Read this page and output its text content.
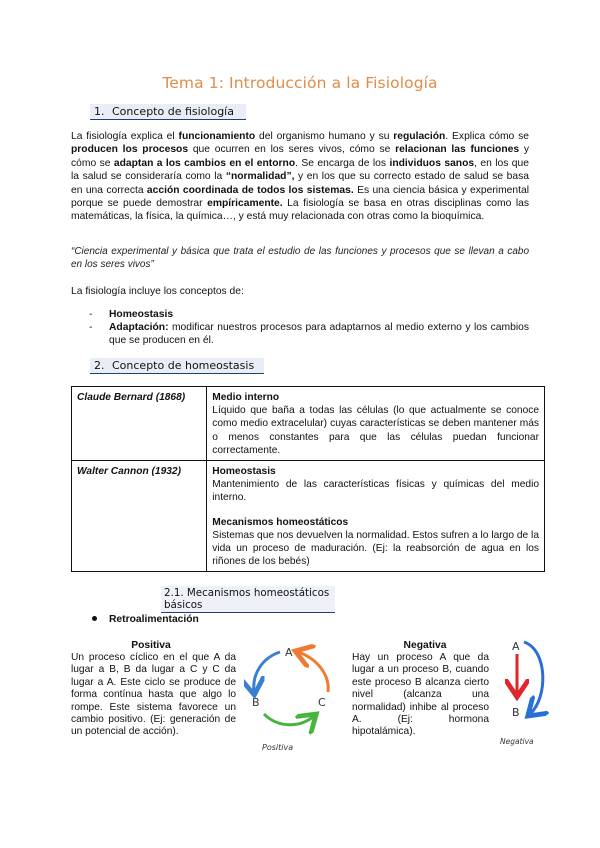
Tema 1: Introducción a la Fisiología
1. Concepto de fisiología
La fisiología explica el funcionamiento del organismo humano y su regulación. Explica cómo se producen los procesos que ocurren en los seres vivos, cómo se relacionan las funciones y cómo se adaptan a los cambios en el entorno. Se encarga de los individuos sanos, en los que la salud se consideraría como la “normalidad”, y en los que su correcto estado de salud se basa en una correcta acción coordinada de todos los sistemas. Es una ciencia básica y experimental porque se puede demostrar empíricamente. La fisiología se basa en otras disciplinas como las matemáticas, la física, la química…, y está muy relacionada con otras como la bioquímica.
“Ciencia experimental y básica que trata el estudio de las funciones y procesos que se llevan a cabo en los seres vivos”
La fisiología incluye los conceptos de:
- Homeostasis
- Adaptación: modificar nuestros procesos para adaptarnos al medio externo y los cambios que se producen en él.
2. Concepto de homeostasis
Claude Bernard (1868)	Medio interno
Líquido que baña a todas las células (lo que actualmente se conoce como medio extracelular) cuyas características se deben mantener más o menos constantes para que las células puedan funcionar correctamente.
Walter Cannon (1932)	Homeostasis
Mantenimiento de las características físicas y químicas del medio interno.
Mecanismos homeostáticos
Sistemas que nos devuelven la normalidad. Estos sufren a lo largo de la vida un proceso de maduración. (Ej: la reabsorción de agua en los riñones de los bebés)
2.1. Mecanismos homeostáticos básicos
Retroalimentación
Positiva
Un proceso cíclico en el que A da lugar a B, B da lugar a C y C da lugar a A. Este ciclo se produce de forma contínua hasta que algo lo rompe. Este sistema favorece un cambio positivo. (Ej: generación de un potencial de acción).
A
B	C
Positiva
Negativa
Hay un proceso A que da lugar a un proceso B, cuando este proceso B alcanza cierto nivel (alcanza una normalidad) inhibe al proceso A. (Ej: hormona hipotalámica).
A
B
Negativa
